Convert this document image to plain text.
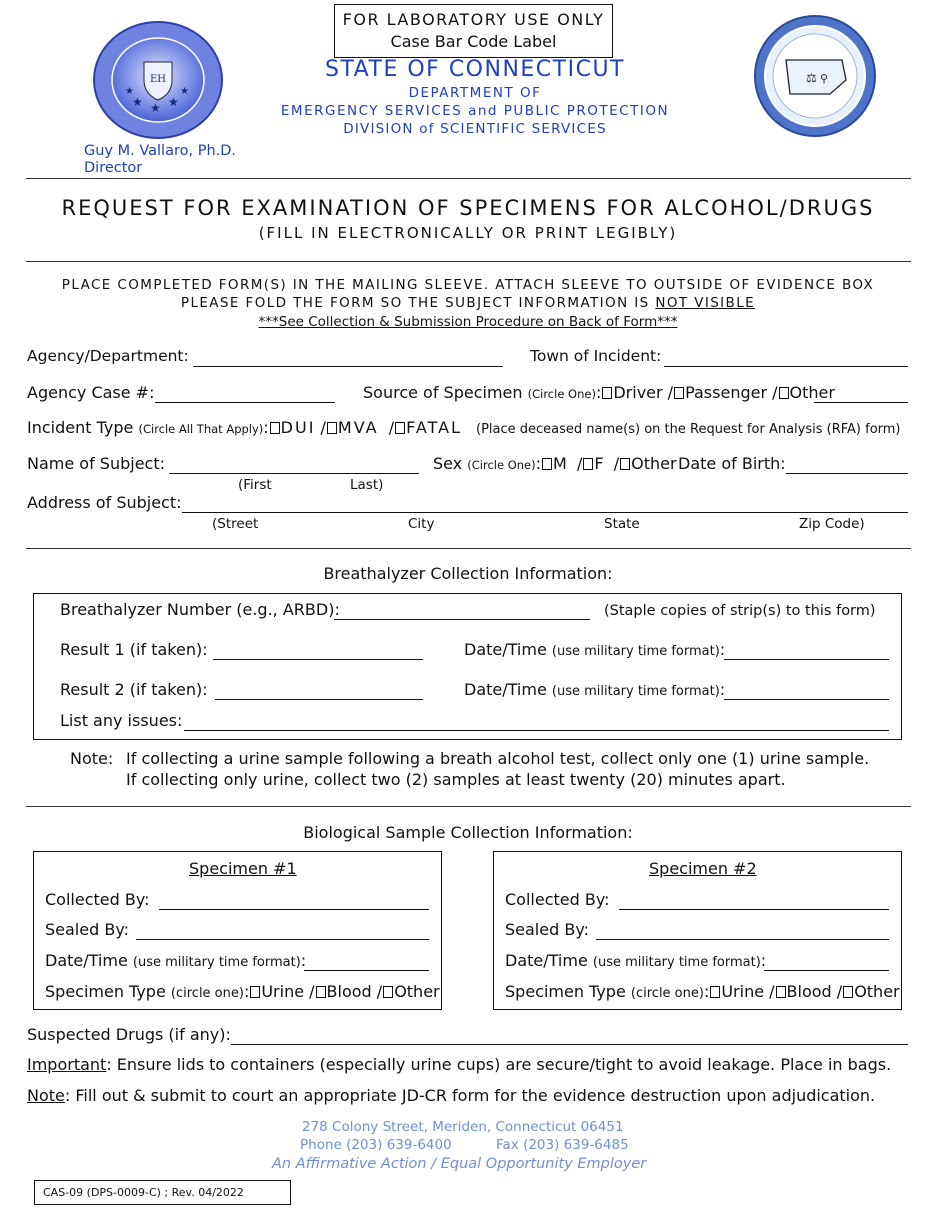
EH
★ ★ ★
★	★
FOR LABORATORY USE ONLY
Case Bar Code Label
STATE OF CONNECTICUT
DEPARTMENT OF
EMERGENCY SERVICES and PUBLIC PROTECTION
DIVISION of SCIENTIFIC SERVICES
⚖ ⚲
Guy M. Vallaro, Ph.D.
Director
REQUEST FOR EXAMINATION OF SPECIMENS FOR ALCOHOL/DRUGS
(FILL IN ELECTRONICALLY OR PRINT LEGIBLY)
PLACE COMPLETED FORM(S) IN THE MAILING SLEEVE. ATTACH SLEEVE TO OUTSIDE OF EVIDENCE BOX
PLEASE FOLD THE FORM SO THE SUBJECT INFORMATION IS NOT VISIBLE
***See Collection & Submission Procedure on Back of Form***
Agency/Department:	Town of Incident:
Agency Case #:	Source of Specimen (Circle One): Driver / Passenger / Other
Incident Type (Circle All That Apply): DUI / MVA  / FATAL (Place deceased name(s) on the Request for Analysis (RFA) form)
Name of Subject:	Sex (Circle One): M  / F  / Other Date of Birth:
(First	Last)
Address of Subject:
(Street	City	State	Zip Code)
Breathalyzer Collection Information:
Breathalyzer Number (e.g., ARBD):	(Staple copies of strip(s) to this form)
Result 1 (if taken):	Date/Time (use military time format):
Result 2 (if taken):	Date/Time (use military time format):
List any issues:
Note: If collecting a urine sample following a breath alcohol test, collect only one (1) urine sample.
If collecting only urine, collect two (2) samples at least twenty (20) minutes apart.
Biological Sample Collection Information:
Specimen #1
Collected By:
Sealed By:
Date/Time (use military time format):
Specimen Type (circle one): Urine / Blood / Other
Specimen #2
Collected By:
Sealed By:
Date/Time (use military time format):
Specimen Type (circle one): Urine / Blood / Other
Suspected Drugs (if any):
Important: Ensure lids to containers (especially urine cups) are secure/tight to avoid leakage. Place in bags.
Note: Fill out & submit to court an appropriate JD-CR form for the evidence destruction upon adjudication.
278 Colony Street, Meriden, Connecticut 06451
Phone (203) 639-6400	Fax (203) 639-6485
An Affirmative Action / Equal Opportunity Employer
CAS-09 (DPS-0009-C) ; Rev. 04/2022
